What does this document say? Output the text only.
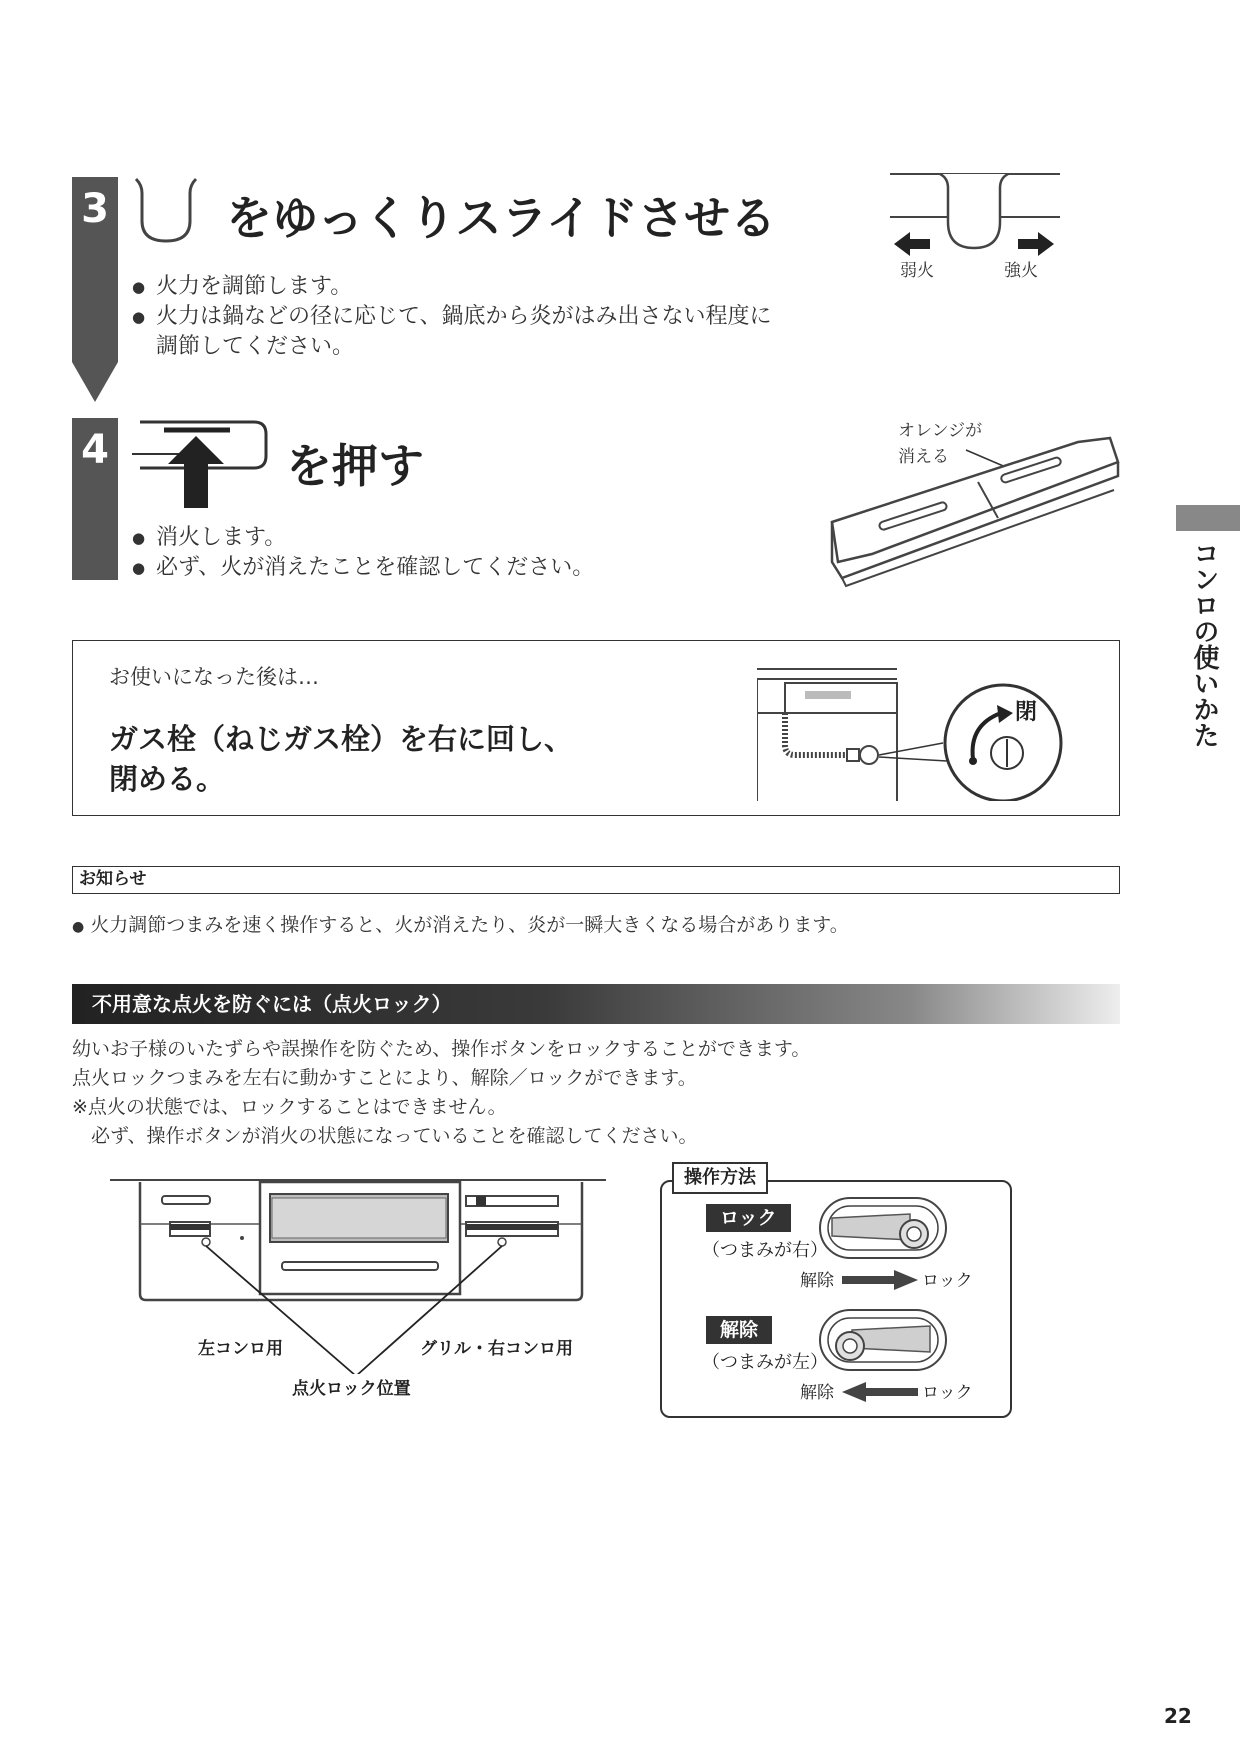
3	をゆっくりスライドさせる
● 火力を調節します。
● 火力は鍋などの径に応じて、鍋底から炎がはみ出さない程度に
調節してください。
弱火	強火
4	を押す
● 消火します。
● 必ず、火が消えたことを確認してください。
オレンジが
消える
お使いになった後は…
ガス栓（ねじガス栓）を右に回し、
閉める。
閉
お知らせ
● 火力調節つまみを速く操作すると、火が消えたり、炎が一瞬大きくなる場合があります。
不用意な点火を防ぐには（点火ロック）
幼いお子様のいたずらや誤操作を防ぐため、操作ボタンをロックすることができます。
点火ロックつまみを左右に動かすことにより、解除／ロックができます。
※点火の状態では、ロックすることはできません。
　必ず、操作ボタンが消火の状態になっていることを確認してください。
左コンロ用	グリル・右コンロ用
点火ロック位置
操作方法
ロック
（つまみが右）
解除	ロック
解除
（つまみが左）
解除	ロック
コンロの使いかた
22
